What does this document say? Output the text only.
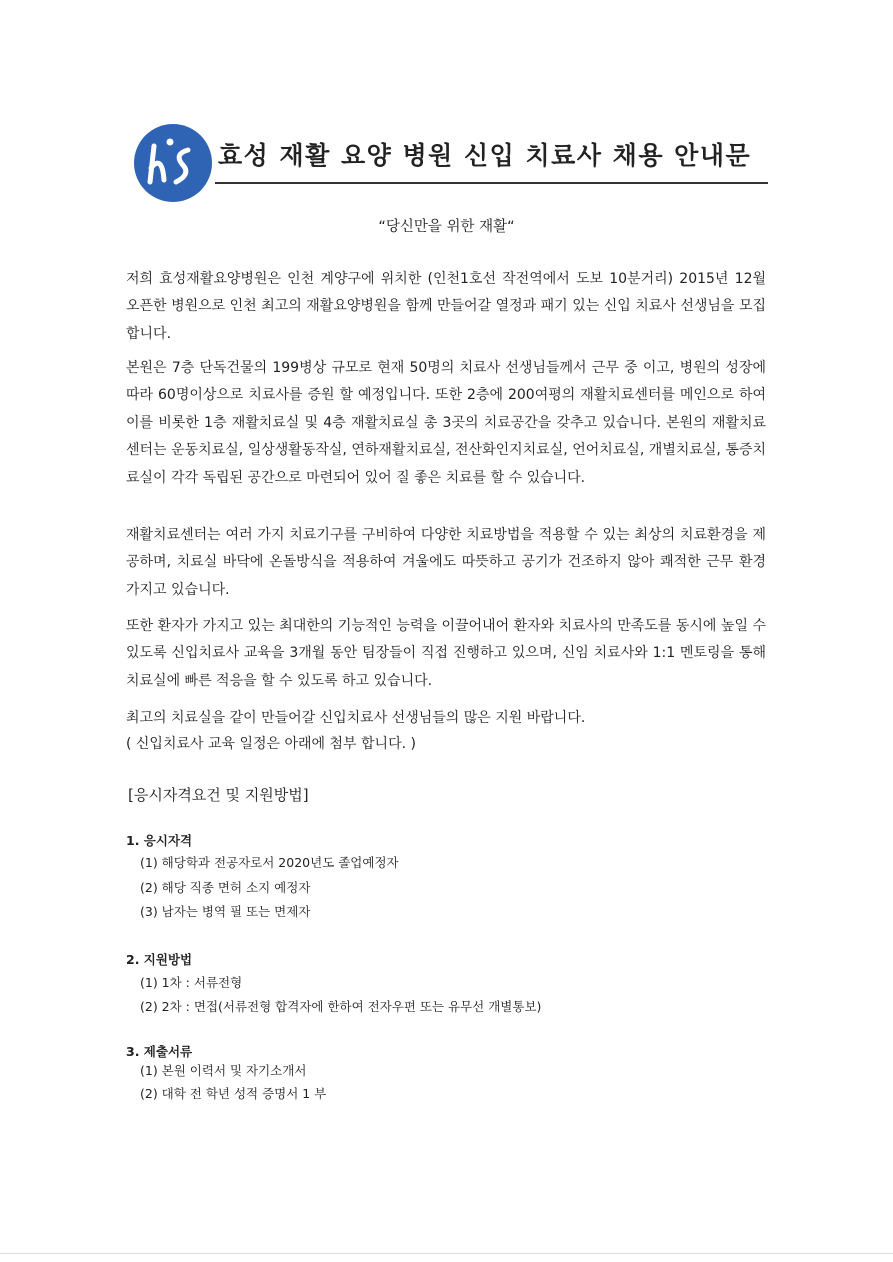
효성 재활 요양 병원 신입 치료사 채용 안내문
“당신만을 위한 재활“
저희 효성재활요양병원은 인천 계양구에 위치한 (인천1호선 작전역에서 도보 10분거리) 2015년 12월 오픈한 병원으로 인천 최고의 재활요양병원을 함께 만들어갈 열정과 패기 있는 신입 치료사 선생님을 모집합니다.
본원은 7층 단독건물의 199병상 규모로 현재 50명의 치료사 선생님들께서 근무 중 이고, 병원의 성장에 따라 60명이상으로 치료사를 증원 할 예정입니다. 또한 2층에 200여평의 재활치료센터를 메인으로 하여 이를 비롯한 1층 재활치료실 및 4층 재활치료실 총 3곳의 치료공간을 갖추고 있습니다. 본원의 재활치료센터는 운동치료실, 일상생활동작실, 연하재활치료실, 전산화인지치료실, 언어치료실, 개별치료실, 통증치료실이 각각 독립된 공간으로 마련되어 있어 질 좋은 치료를 할 수 있습니다.
재활치료센터는 여러 가지 치료기구를 구비하여 다양한 치료방법을 적용할 수 있는 최상의 치료환경을 제공하며, 치료실 바닥에 온돌방식을 적용하여 겨울에도 따뜻하고 공기가 건조하지 않아 쾌적한 근무 환경 가지고 있습니다.
또한 환자가 가지고 있는 최대한의 기능적인 능력을 이끌어내어 환자와 치료사의 만족도를 동시에 높일 수 있도록 신입치료사 교육을 3개월 동안 팀장들이 직접 진행하고 있으며, 신임 치료사와 1:1 멘토링을 통해 치료실에 빠른 적응을 할 수 있도록 하고 있습니다.
최고의 치료실을 같이 만들어갈 신입치료사 선생님들의 많은 지원 바랍니다.
( 신입치료사 교육 일정은 아래에 첨부 합니다. )
[응시자격요건 및 지원방법]
1. 응시자격
(1) 해당학과 전공자로서 2020년도 졸업예정자
(2) 해당 직종 면허 소지 예정자
(3) 남자는 병역 필 또는 면제자
2. 지원방법
(1) 1차 : 서류전형
(2) 2차 : 면접(서류전형 합격자에 한하여 전자우편 또는 유무선 개별통보)
3. 제출서류
(1) 본원 이력서 및 자기소개서
(2) 대학 전 학년 성적 증명서 1 부
